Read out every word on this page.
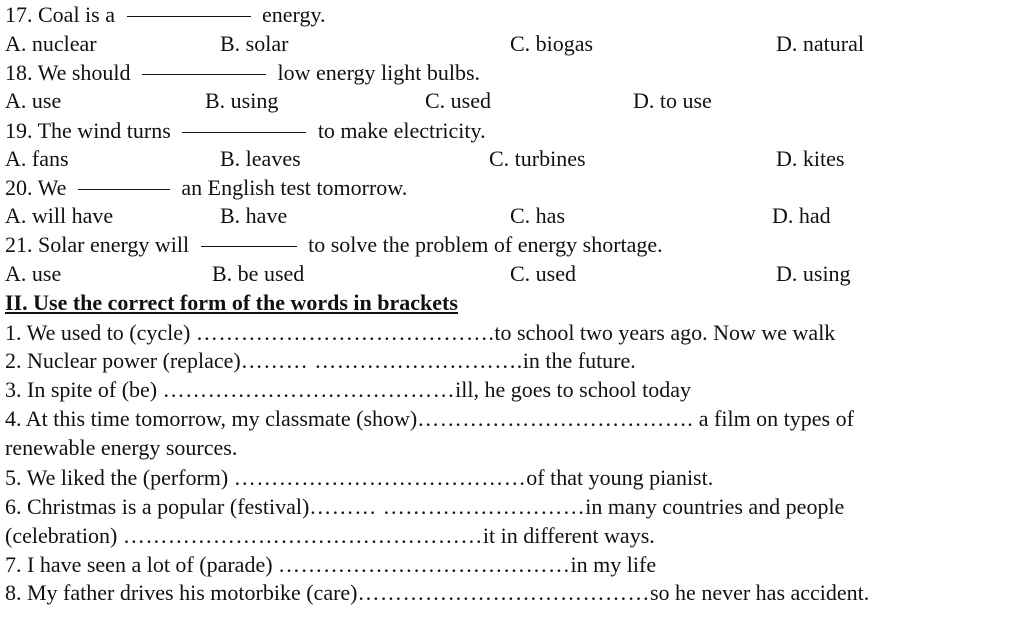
17. Coal is a	energy.
A. nuclear	B. solar	C. biogas	D. natural
18. We should	low energy light bulbs.
A. use	B. using	C. used	D. to use
19. The wind turns	to make electricity.
A. fans	B. leaves	C. turbines	D. kites
20. We	an English test tomorrow.
A. will have	B. have	C. has	D. had
21. Solar energy will	to solve the problem of energy shortage.
A. use	B. be used	C. used	D. using
II. Use the correct form of the words in brackets
1. We used to (cycle) ………………………………….to school two years ago. Now we walk
2. Nuclear power (replace)……… ……………………….in the future.
3. In spite of (be) …………………………………ill, he goes to school today
4. At this time tomorrow, my classmate (show)………………………………. a film on types of
renewable energy sources.
5. We liked the (perform) …………………………………of that young pianist.
6. Christmas is a popular (festival)……… ………………………in many countries and people
(celebration) …………………………………………it in different ways.
7. I have seen a lot of (parade) …………………………………in my life
8. My father drives his motorbike (care)…………………………………so he never has accident.
